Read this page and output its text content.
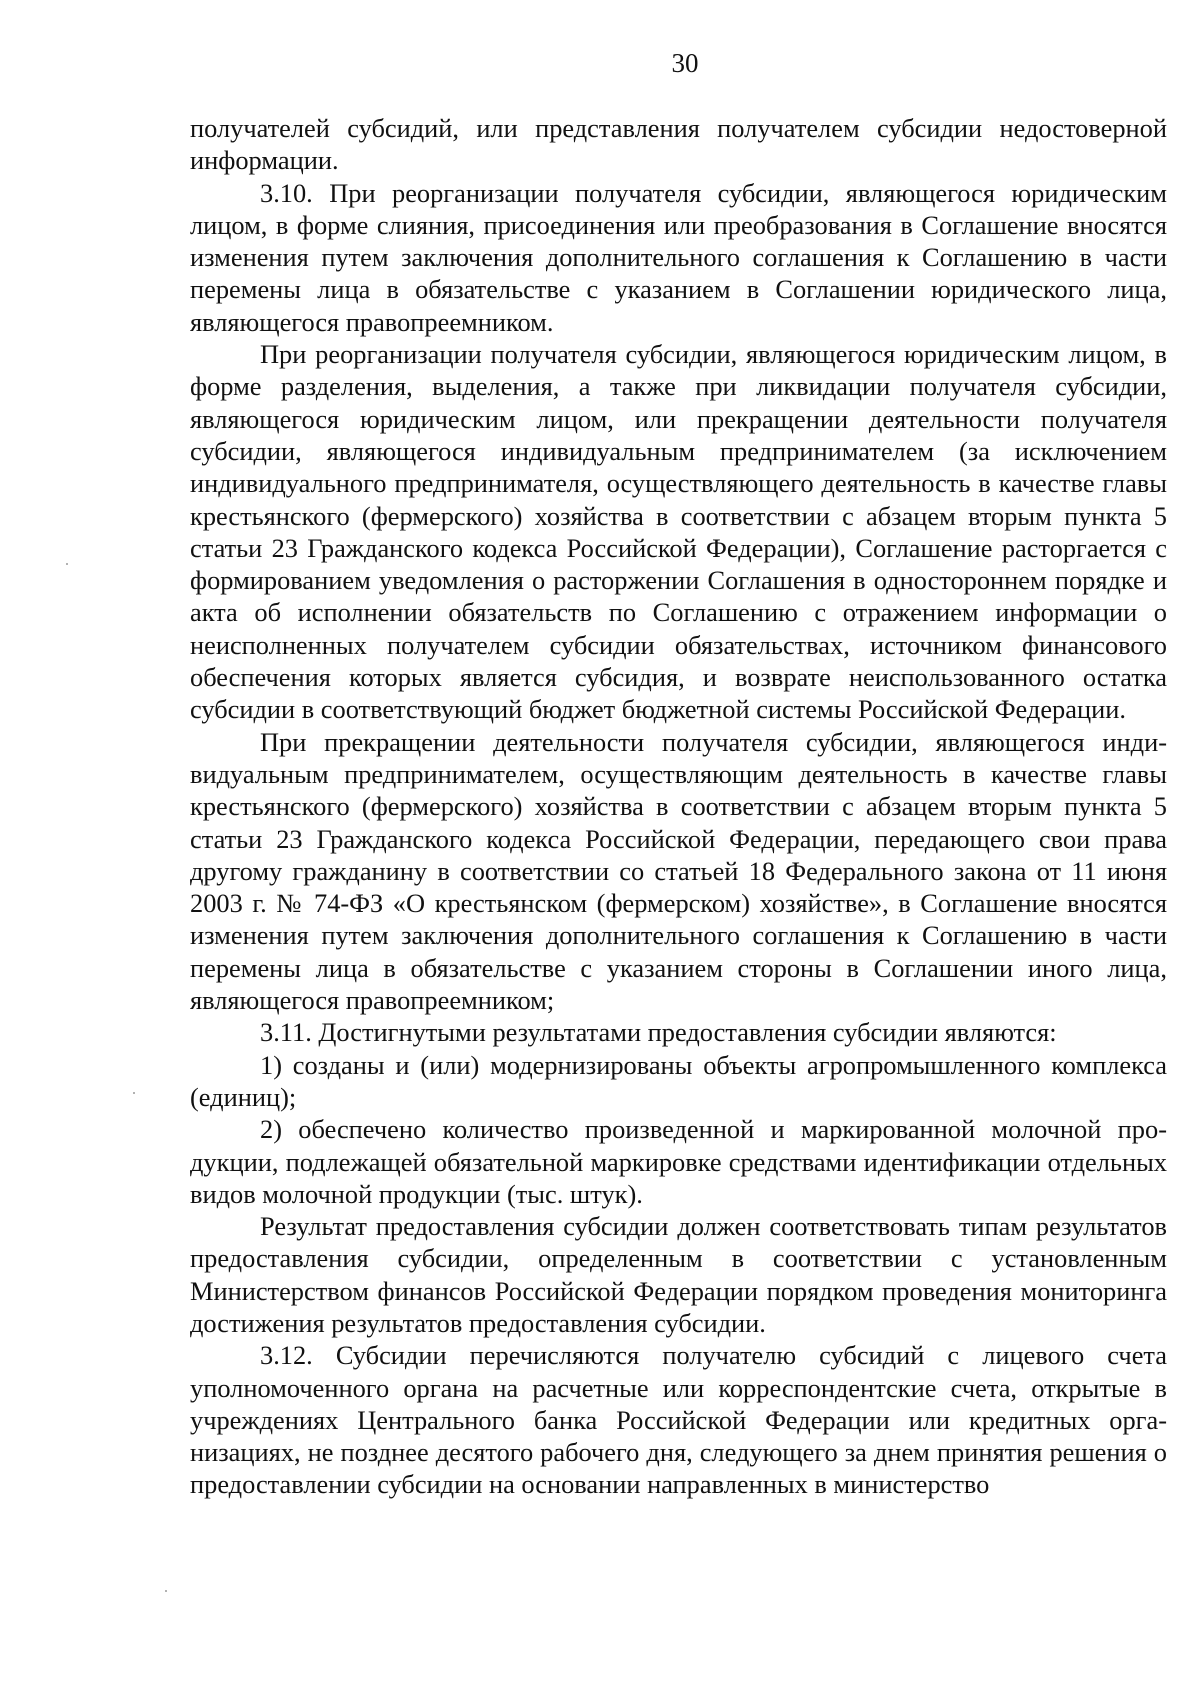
30

получателей субсидий, или представления получателем субсидии недостоверной информации.

3.10. При реорганизации получателя субсидии, являющегося юридическим лицом, в форме слияния, присоединения или преобразования в Соглашение вносятся изменения путем заключения дополнительного соглашения к Соглашению в части перемены лица в обязательстве с указанием в Соглашении юридического лица, являющегося правопреемником.

При реорганизации получателя субсидии, являющегося юридическим лицом, в форме разделения, выделения, а также при ликвидации получателя субсидии, являющегося юридическим лицом, или прекращении деятельности получателя субсидии, являющегося индивидуальным предпринимателем (за исключением индивидуального предпринимателя, осуществляющего деятельность в качестве главы крестьянского (фермерского) хозяйства в соответствии с абзацем вторым пункта 5 статьи 23 Гражданского кодекса Российской Федерации), Соглашение расторгается с формированием уведомления о расторжении Соглашения в одностороннем порядке и акта об исполнении обязательств по Соглашению с отражением информации о неисполненных получателем субсидии обязательствах, источником финансового обеспечения которых является субсидия, и возврате неиспользованного остатка субсидии в соответствующий бюджет бюджетной системы Российской Федерации.

При прекращении деятельности получателя субсидии, являющегося индивидуальным предпринимателем, осуществляющим деятельность в качестве главы крестьянского (фермерского) хозяйства в соответствии с абзацем вторым пункта 5 статьи 23 Гражданского кодекса Российской Федерации, передающего свои права другому гражданину в соответствии со статьей 18 Федерального закона от 11 июня 2003 г. № 74-ФЗ «О крестьянском (фермерском) хозяйстве», в Соглашение вносятся изменения путем заключения дополнительного соглашения к Соглашению в части перемены лица в обязательстве с указанием стороны в Соглашении иного лица, являющегося правопреемником;

3.11. Достигнутыми результатами предоставления субсидии являются:

1) созданы и (или) модернизированы объекты агропромышленного комплекса (единиц);

2) обеспечено количество произведенной и маркированной молочной продукции, подлежащей обязательной маркировке средствами идентификации отдельных видов молочной продукции (тыс. штук).

Результат предоставления субсидии должен соответствовать типам результатов предоставления субсидии, определенным в соответствии с установленным Министерством финансов Российской Федерации порядком проведения мониторинга достижения результатов предоставления субсидии.

3.12. Субсидии перечисляются получателю субсидий с лицевого счета уполномоченного органа на расчетные или корреспондентские счета, открытые в учреждениях Центрального банка Российской Федерации или кредитных организациях, не позднее десятого рабочего дня, следующего за днем принятия решения о предоставлении субсидии на основании направленных в министерство
